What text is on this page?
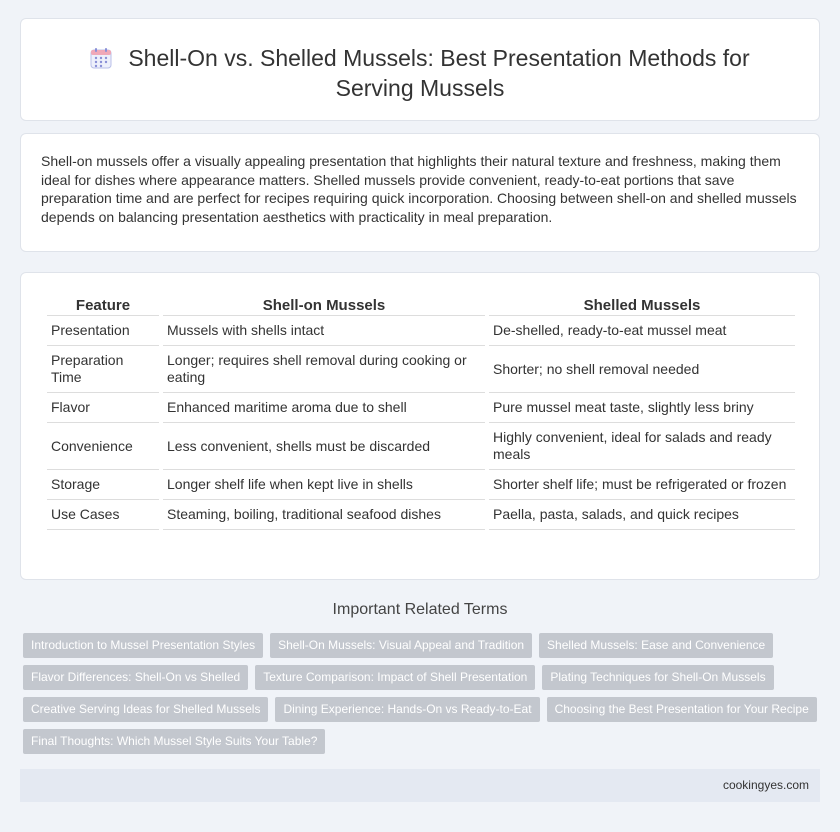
Shell-On vs. Shelled Mussels: Best Presentation Methods for Serving Mussels

Shell-on mussels offer a visually appealing presentation that highlights their natural texture and freshness, making them ideal for dishes where appearance matters. Shelled mussels provide convenient, ready-to-eat portions that save preparation time and are perfect for recipes requiring quick incorporation. Choosing between shell-on and shelled mussels depends on balancing presentation aesthetics with practicality in meal preparation.

Feature	Shell-on Mussels	Shelled Mussels
Presentation	Mussels with shells intact	De-shelled, ready-to-eat mussel meat
Preparation Time	Longer; requires shell removal during cooking or eating	Shorter; no shell removal needed
Flavor	Enhanced maritime aroma due to shell	Pure mussel meat taste, slightly less briny
Convenience	Less convenient, shells must be discarded	Highly convenient, ideal for salads and ready meals
Storage	Longer shelf life when kept live in shells	Shorter shelf life; must be refrigerated or frozen
Use Cases	Steaming, boiling, traditional seafood dishes	Paella, pasta, salads, and quick recipes
Important Related Terms
Introduction to Mussel Presentation Styles	Shell-On Mussels: Visual Appeal and Tradition	Shelled Mussels: Ease and Convenience
Flavor Differences: Shell-On vs Shelled	Texture Comparison: Impact of Shell Presentation	Plating Techniques for Shell-On Mussels
Creative Serving Ideas for Shelled Mussels	Dining Experience: Hands-On vs Ready-to-Eat	Choosing the Best Presentation for Your Recipe
Final Thoughts: Which Mussel Style Suits Your Table?
cookingyes.com
